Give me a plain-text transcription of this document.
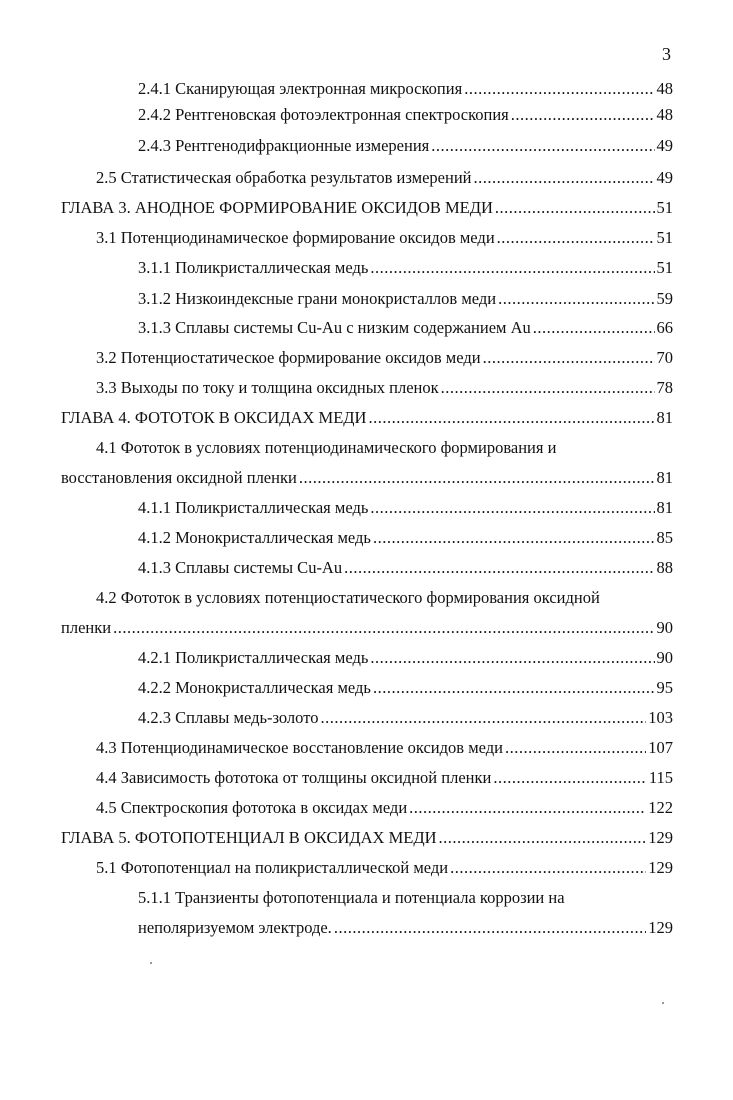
3
2.4.1 Сканирующая электронная микроскопия .....	48
2.4.2 Рентгеновская фотоэлектронная спектроскопия .....	48
2.4.3 Рентгенодифракционные измерения .....	49
2.5 Статистическая обработка результатов измерений .....	49
ГЛАВА 3. АНОДНОЕ ФОРМИРОВАНИЕ ОКСИДОВ МЕДИ .....	51
3.1 Потенциодинамическое формирование оксидов меди .....	51
3.1.1 Поликристаллическая медь .....	51
3.1.2 Низкоиндексные грани монокристаллов меди .....	59
3.1.3 Сплавы системы Cu-Au с низким содержанием Au .....	66
3.2 Потенциостатическое формирование оксидов меди .....	70
3.3 Выходы по току и толщина оксидных пленок .....	78
ГЛАВА 4. ФОТОТОК В ОКСИДАХ МЕДИ .....	81
4.1 Фототок в условиях потенциодинамического формирования и
восстановления оксидной пленки .....	81
4.1.1 Поликристаллическая медь .....	81
4.1.2 Монокристаллическая медь .....	85
4.1.3 Сплавы системы Cu-Au .....	88
4.2 Фототок в условиях потенциостатического формирования оксидной
пленки .....	90
4.2.1 Поликристаллическая медь .....	90
4.2.2 Монокристаллическая медь .....	95
4.2.3 Сплавы медь-золото .....	103
4.3 Потенциодинамическое восстановление оксидов меди .....	107
4.4 Зависимость фототока от толщины оксидной пленки .....	115
4.5 Спектроскопия фототока в оксидах меди .....	122
ГЛАВА 5. ФОТОПОТЕНЦИАЛ В ОКСИДАХ МЕДИ .....	129
5.1 Фотопотенциал на поликристаллической меди .....	129
5.1.1 Транзиенты фотопотенциала и потенциала коррозии на
неполяризуемом электроде. .....	129
